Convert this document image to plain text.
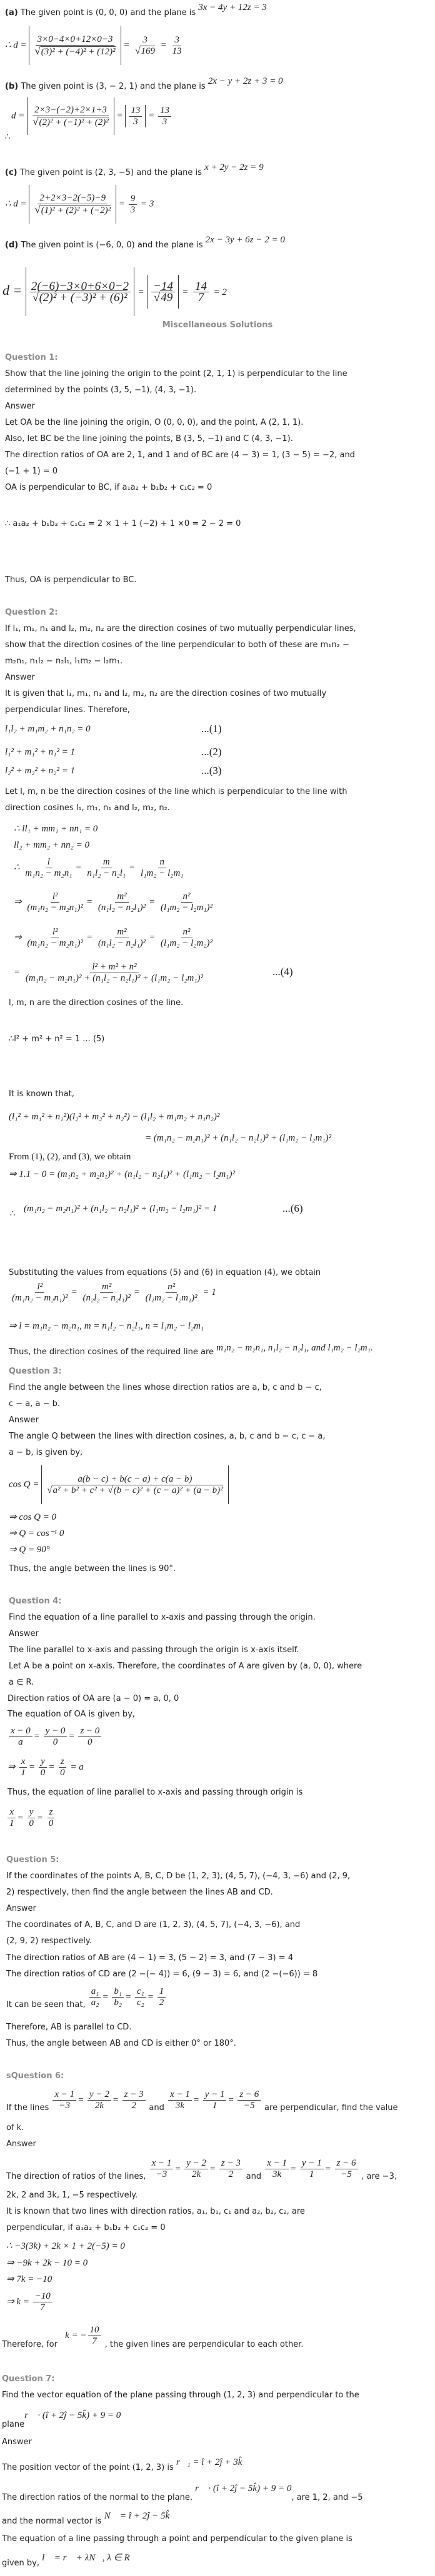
(a) The given point is (0, 0, 0) and the plane is 3x − 4y + 12z = 3
∴ $d = \frac{3\times 0-4\times 0+12\times 0-3}{\text{√(3)² + (−4)² + (12)²}} = \frac{3}{√169} = \frac{3}{13}$
(b) The given point is (3, − 2, 1) and the plane is 2x − y + 2z + 3 = 0
$d = \frac{2\times 3-(-2)+2\times 1+3}{\text{√(2)² + (−1)² + (2)²}} = \frac{13}{3} = \frac{13}{3}$
∴
(c) The given point is (2, 3, −5) and the plane is x + 2y − 2z = 9
∴ $d = \frac{2+2\times 3-2(-5)-9}{\text{√(1)² + (2)² + (−2)²}} = \frac{9}{3} = 3$
(d) The given point is (−6, 0, 0) and the plane is 2x − 3y + 6z − 2 = 0
$d = \frac{2(-6)-3\times 0+6\times 0-2}{\text{√(2)² + (−3)² + (6)²}} = \frac{-14}{√49} = \frac{14}{7} = 2$
Miscellaneous Solutions
Question 1:
Show that the line joining the origin to the point (2, 1, 1) is perpendicular to the line
determined by the points (3, 5, −1), (4, 3, −1).
Answer
Let OA be the line joining the origin, O (0, 0, 0), and the point, A (2, 1, 1).
Also, let BC be the line joining the points, B (3, 5, −1) and C (4, 3, −1).
The direction ratios of OA are 2, 1, and 1 and of BC are (4 − 3) = 1, (3 − 5) = −2, and
(−1 + 1) = 0
OA is perpendicular to BC, if a₁a₂ + b₁b₂ + c₁c₂ = 0
∴ a₁a₂ + b₁b₂ + c₁c₂ = 2 × 1 + 1 (−2) + 1 ×0 = 2 − 2 = 0
Thus, OA is perpendicular to BC.
Question 2:
If l₁, m₁, n₁ and l₂, m₂, n₂ are the direction cosines of two mutually perpendicular lines,
show that the direction cosines of the line perpendicular to both of these are m₁n₂ −
m₂n₁, n₁l₂ − n₂l₁, l₁m₂ − l₂m₁.
Answer
It is given that l₁, m₁, n₁ and l₂, m₂, n₂ are the direction cosines of two mutually
perpendicular lines. Therefore,
l₁l₂ + m₁m₂ + n₁n₂ = 0	...(1)
l₁² + m₁² + n₁² = 1	...(2)
l₂² + m₂² + n₂² = 1	...(3)
Let l, m, n be the direction cosines of the line which is perpendicular to the line with
direction cosines l₁, m₁, n₁ and l₂, m₂, n₂.
∴ ll₁ + mm₁ + nn₁ = 0
ll₂ + mm₂ + nn₂ = 0
∴ $\frac{l}{\text{m₁n₂ − m₂n₁}} = \frac{m}{\text{n₁l₂ − n₂l₁}} = \frac{n}{\text{l₁m₂ − l₂m₁}}$
⇒ $\frac{\text{l²}}{\text{(m₁n₂ − m₂n₁)²}} = \frac{\text{m²}}{\text{(n₁l₂ − n₂l₁)²}} = \frac{\text{n²}}{\text{(l₁m₂ − l₂m₁)²}}$
⇒ $\frac{\text{l²}}{\text{(m₁n₂ − m₂n₁)²}} = \frac{\text{m²}}{\text{(n₁l₂ − n₂l₁)²}} = \frac{\text{n²}}{\text{(l₁m₂ − l₂m₂)²}}$
= $\frac{\text{l² + m² + n²}}{\text{(m₁n₂ − m₂n₁)² + (n₁l₂ − n₂l₁)² + (l₁m₂ − l₂m₁)²}}$	...(4)
l, m, n are the direction cosines of the line.
∴l² + m² + n² = 1 ... (5)
It is known that,
(l₁² + m₁² + n₁²)(l₂² + m₂² + n₂²) − (l₁l₂ + m₁m₂ + n₁n₂)²
= (m₁n₂ − m₂n₁)² + (n₁l₂ − n₂l₁)² + (l₁m₂ − l₂m₁)²
From (1), (2), and (3), we obtain
⇒ 1.1 − 0 = (m₁n₂ + m₂n₁)² + (n₁l₂ − n₂l₁)² + (l₁m₂ − l₂m₁)²
∴
(m₁n₂ − m₂n₁)² + (n₁l₂ − n₂l₁)² + (l₁m₂ − l₂m₁)² = 1	...(6)
Substituting the values from equations (5) and (6) in equation (4), we obtain
$\frac{\text{l²}}{\text{(m₁n₂ − m₂n₁)²}} = \frac{\text{m²}}{\text{(n₂l₂ − n₂l₁)²}} = \frac{\text{n²}}{\text{(l₁m₂ − l₂m₁)²}} = 1$
⇒ l = m₁n₂ − m₂n₁, m = n₁l₂ − n₂l₁, n = l₁m₂ − l₂m₁
Thus, the direction cosines of the required line are m₁n₂ − m₂n₁, n₁l₂ − n₂l₁, and l₁m₂ − l₂m₁.
Question 3:
Find the angle between the lines whose direction ratios are a, b, c and b − c,
c − a, a − b.
Answer
The angle Q between the lines with direction cosines, a, b, c and b − c, c − a,
a − b, is given by,
$\cos Q = \frac{a(b - c) + b(c - a) + c(a - b)}{\text{√a² + b² + c² + √(b − c)² + (c − a)² + (a − b)²}}$
⇒ cos Q = 0
⇒ Q = cos⁻¹ 0
⇒ Q = 90°
Thus, the angle between the lines is 90°.
Question 4:
Find the equation of a line parallel to x-axis and passing through the origin.
Answer
The line parallel to x-axis and passing through the origin is x-axis itself.
Let A be a point on x-axis. Therefore, the coordinates of A are given by (a, 0, 0), where
a ∈ R.
Direction ratios of OA are (a − 0) = a, 0, 0
The equation of OA is given by,
$\frac{x - 0}{a} = \frac{y - 0}{0} = \frac{z - 0}{0}$
⇒ $\frac{x}{1} = \frac{y}{0} = \frac{z}{0} = a$
Thus, the equation of line parallel to x-axis and passing through origin is
$\frac{x}{1} = \frac{y}{0} = \frac{z}{0}$
Question 5:
If the coordinates of the points A, B, C, D be (1, 2, 3), (4, 5, 7), (−4, 3, −6) and (2, 9,
2) respectively, then find the angle between the lines AB and CD.
Answer
The coordinates of A, B, C, and D are (1, 2, 3), (4, 5, 7), (−4, 3, −6), and
(2, 9, 2) respectively.
The direction ratios of AB are (4 − 1) = 3, (5 − 2) = 3, and (7 − 3) = 4
The direction ratios of CD are (2 −(− 4)) = 6, (9 − 3) = 6, and (2 −(−6)) = 8
It can be seen that, $\frac{\text{a₁}}{\text{a₂}} = \frac{\text{b₁}}{\text{b₂}} = \frac{\text{c₁}}{\text{c₂}} = \frac{1}{2}$
Therefore, AB is parallel to CD.
Thus, the angle between AB and CD is either 0° or 180°.
sQuestion 6:
If the lines $\frac{x - 1}{-3} = \frac{y - 2}{2k} = \frac{z - 3}{2}$ and $\frac{x - 1}{3k} = \frac{y - 1}{1} = \frac{z - 6}{-5}$ are perpendicular, find the value
of k.
Answer
The direction of ratios of the lines, $\frac{x - 1}{-3} = \frac{y - 2}{2k} = \frac{z - 3}{2}$ and $\frac{x - 1}{3k} = \frac{y - 1}{1} = \frac{z - 6}{-5}$ , are −3,
2k, 2 and 3k, 1, −5 respectively.
It is known that two lines with direction ratios, a₁, b₁, c₁ and a₂, b₂, c₂, are
perpendicular, if a₁a₂ + b₁b₂ + c₁c₂ = 0
∴ −3(3k) + 2k × 1 + 2(−5) = 0
⇒ −9k + 2k − 10 = 0
⇒ 7k = −10
⇒ $k = \frac{-10}{7}$
Therefore, for k = − $\frac{10}{7}$ , the given lines are perpendicular to each other.
Question 7:
Find the vector equation of the plane passing through (1, 2, 3) and perpendicular to the
planer⃗ · (î + 2ĵ − 5k̂) + 9 = 0
Answer
The position vector of the point (1, 2, 3) is r⃗₁ = î + 2ĵ + 3k̂
The direction ratios of the normal to the plane, r⃗ · (î + 2ĵ − 5k̂) + 9 = 0, are 1, 2, and −5
and the normal vector is N⃗ = î + 2ĵ − 5k̂
The equation of a line passing through a point and perpendicular to the given plane is
given by, l⃗ = r⃗ + λN⃗, λ ∈ R
